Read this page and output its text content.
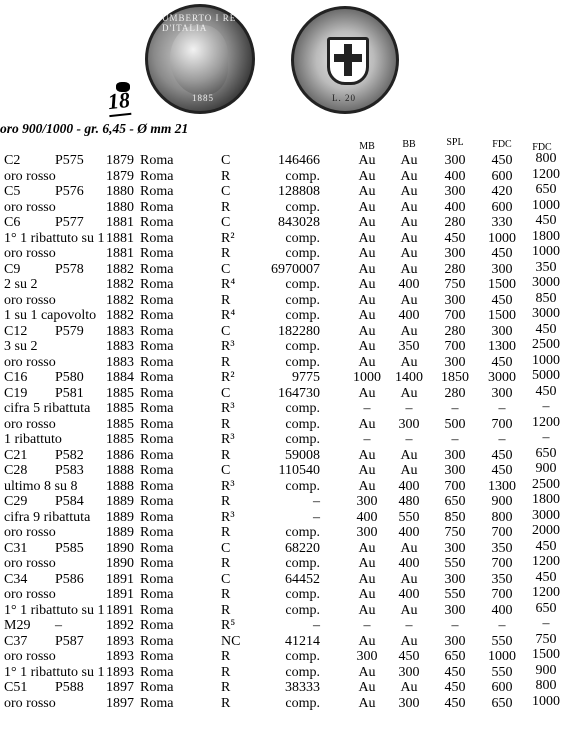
UMBERTO I RE D'ITALIA
1885	L. 20
18
oro 900/1000 - gr. 6,45 - Ø mm 21
MB	BB	SPL	FDC	FDC
C2 P575 1879 Roma	C	146466	Au	Au	300	450	800
oro rosso	1879 Roma	R	comp.	Au	Au	400	600	1200
C5 P576 1880 Roma	C	128808	Au	Au	300	420	650
oro rosso	1880 Roma	R	comp.	Au	Au	400	600	1000
C6 P577 1881 Roma	C	843028	Au	Au	280	330	450
1° 1 ribattuto su 1 1881 Roma	R²	comp.	Au	Au	450	1000	1800
oro rosso	1881 Roma	R	comp.	Au	Au	300	450	1000
C9 P578 1882 Roma	C	6970007	Au	Au	280	300	350
2 su 2	1882 Roma	R⁴	comp.	Au	400	750	1500	3000
oro rosso	1882 Roma	R	comp.	Au	Au	300	450	850
1 su 1 capovolto 1882 Roma	R⁴	comp.	Au	400	700	1500	3000
C12 P579 1883 Roma	C	182280	Au	Au	280	300	450
3 su 2	1883 Roma	R³	comp.	Au	350	700	1300	2500
oro rosso	1883 Roma	R	comp.	Au	Au	300	450	1000
C16 P580 1884 Roma	R²	9775	1000	1400	1850	3000	5000
C19 P581 1885 Roma	C	164730	Au	Au	280	300	450
cifra 5 ribattuta 1885 Roma	R³	comp.	–	–	–	–	–
oro rosso	1885 Roma	R	comp.	Au	300	500	700	1200
1 ribattuto	1885 Roma	R³	comp.	–	–	–	–	–
C21 P582 1886 Roma	R	59008	Au	Au	300	450	650
C28 P583 1888 Roma	C	110540	Au	Au	300	450	900
ultimo 8 su 8 1888 Roma	R³	comp.	Au	400	700	1300	2500
C29 P584 1889 Roma	R	–	300	480	650	900	1800
cifra 9 ribattuta 1889 Roma	R³	–	400	550	850	800	3000
oro rosso	1889 Roma	R	comp.	300	400	750	700	2000
C31 P585 1890 Roma	C	68220	Au	Au	300	350	450
oro rosso	1890 Roma	R	comp.	Au	400	550	700	1200
C34 P586 1891 Roma	C	64452	Au	Au	300	350	450
oro rosso	1891 Roma	R	comp.	Au	400	550	700	1200
1° 1 ribattuto su 1 1891 Roma	R	comp.	Au	Au	300	400	650
M29 –	1892 Roma	R⁵	–	–	–	–	–	–
C37 P587 1893 Roma	NC	41214	Au	Au	300	550	750
oro rosso	1893 Roma	R	comp.	300	450	650	1000	1500
1° 1 ribattuto su 1 1893 Roma	R	comp.	Au	300	450	550	900
C51 P588 1897 Roma	R	38333	Au	Au	450	600	800
oro rosso	1897 Roma	R	comp.	Au	300	450	650	1000
